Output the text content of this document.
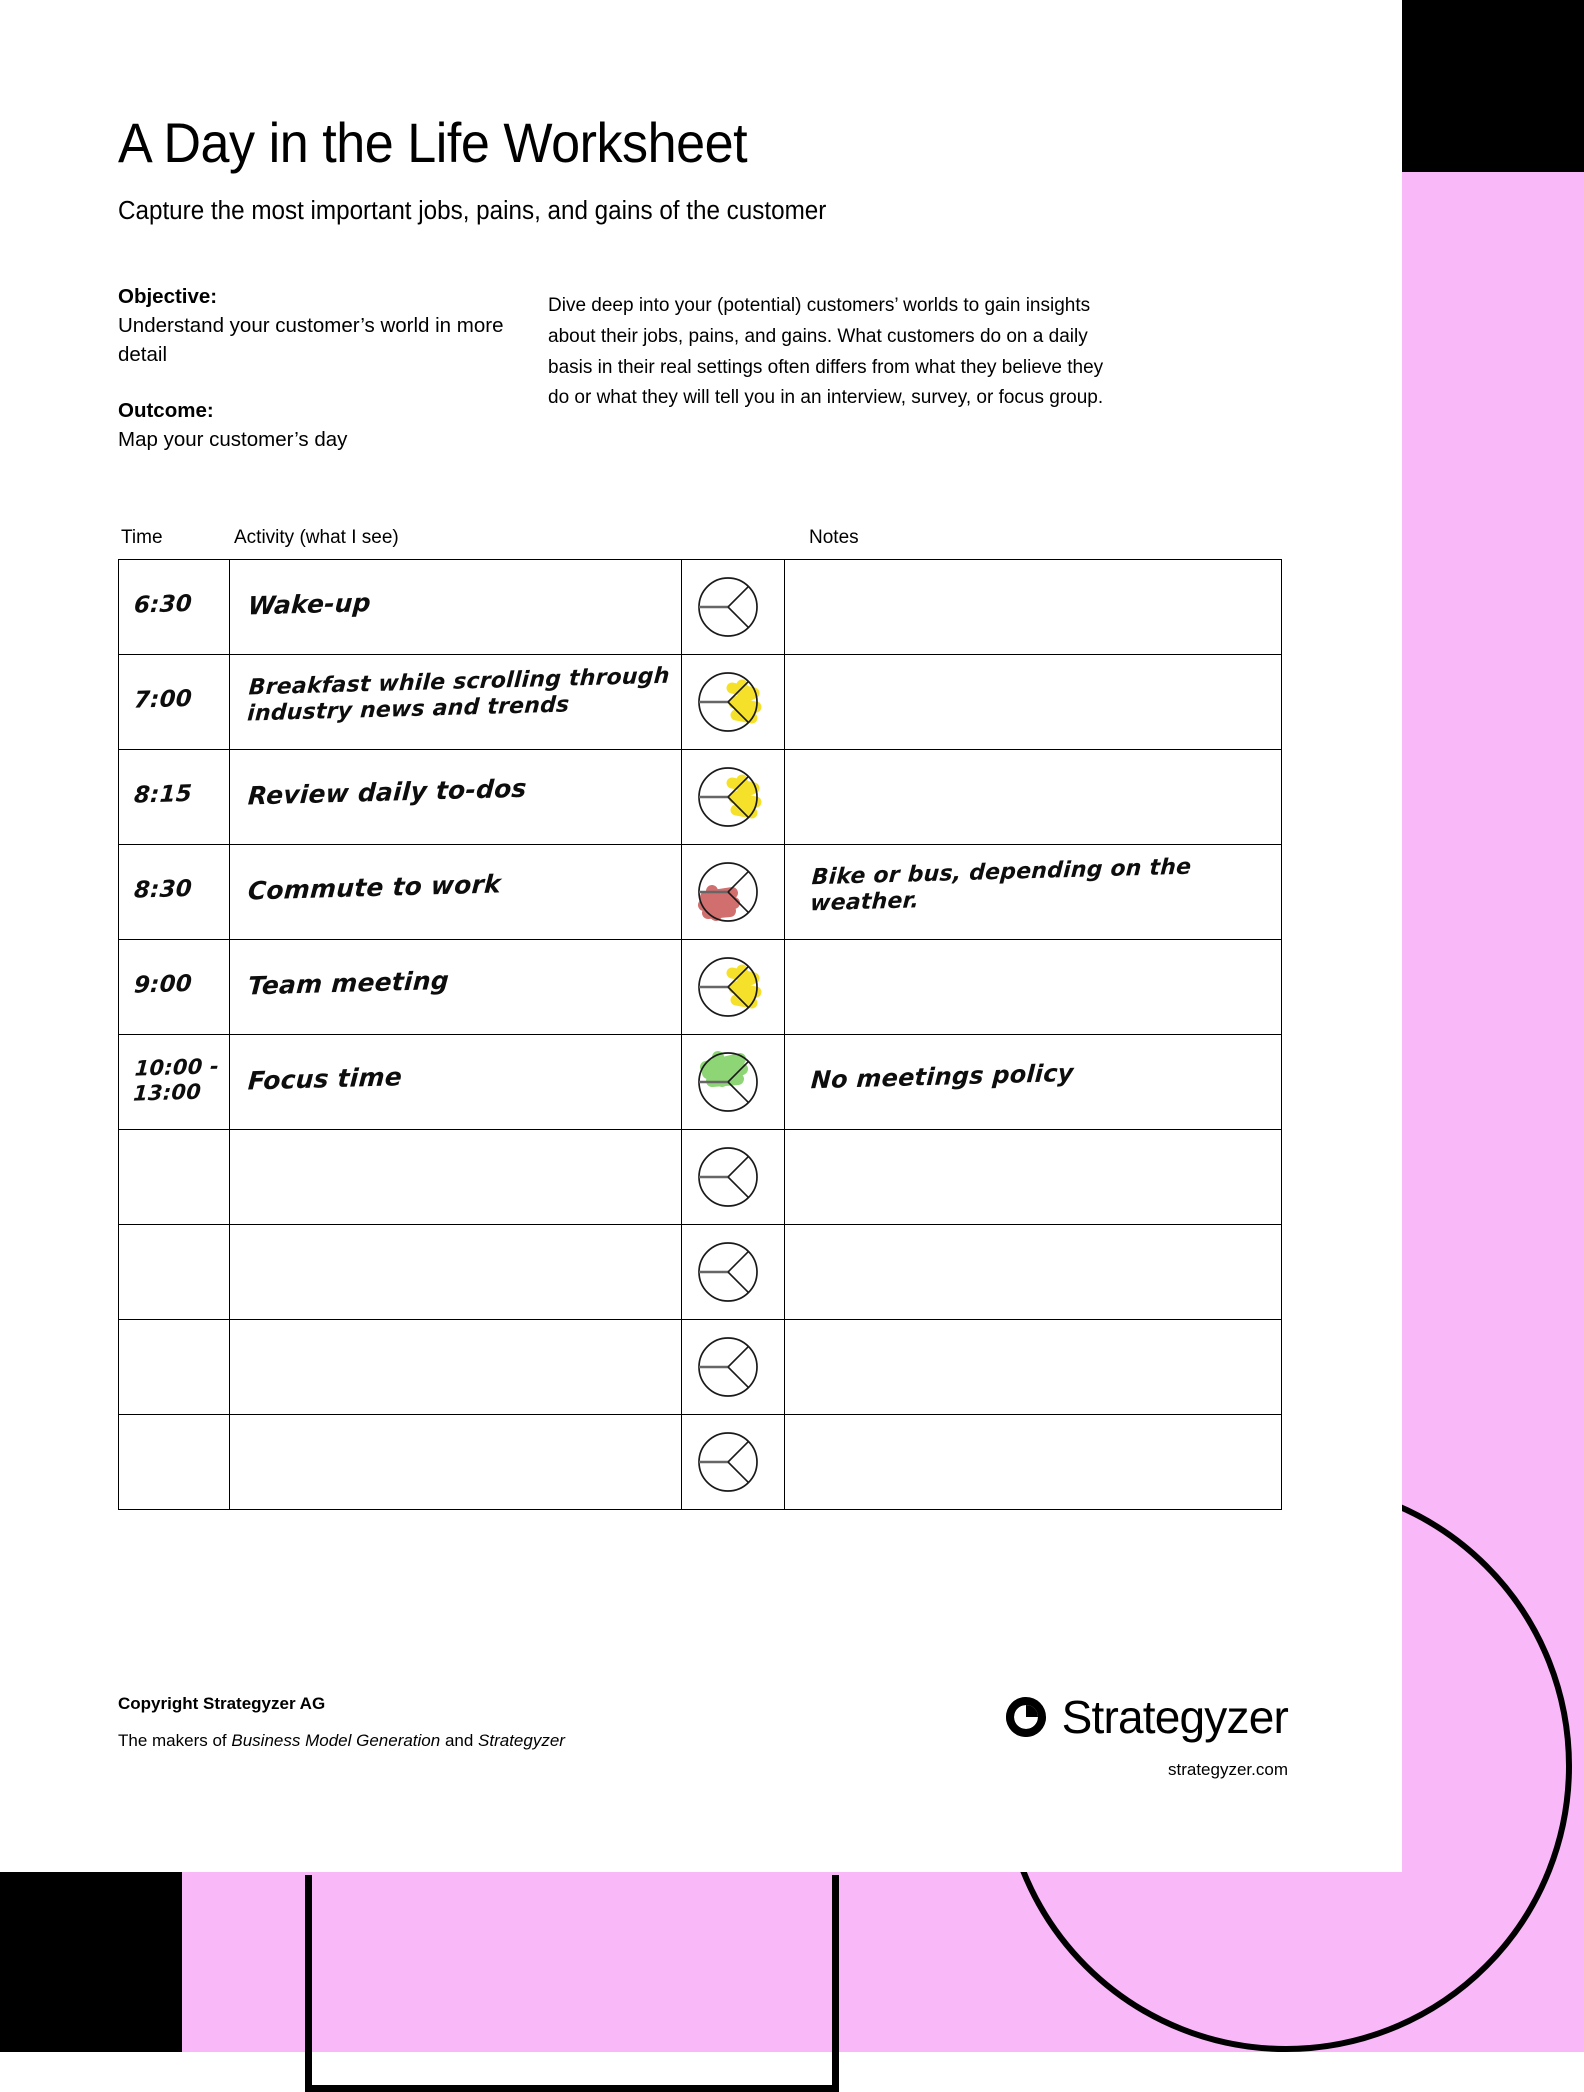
A Day in the Life Worksheet
Capture the most important jobs, pains, and gains of the customer
Objective:
Understand your customer’s world in more detail
Outcome:
Map your customer’s day
Dive deep into your (potential) customers’ worlds to gain insights about their jobs, pains, and gains. What customers do on a daily basis in their real settings often differs from what they believe they do or what they will tell you in an interview, survey, or focus group.
Time	Activity (what I see)	Notes
6:30	Wake-up

7:00	Breakfast while scrolling through industry news and trends

8:15	Review daily to-dos

8:30	Commute to work		Bike or bus, depending on the weather.

9:00	Team meeting

10:00 -
13:00	Focus time		No meetings policy

Copyright Strategyzer AG
The makers of Business Model Generation and Strategyzer	Strategyzer
strategyzer.com
